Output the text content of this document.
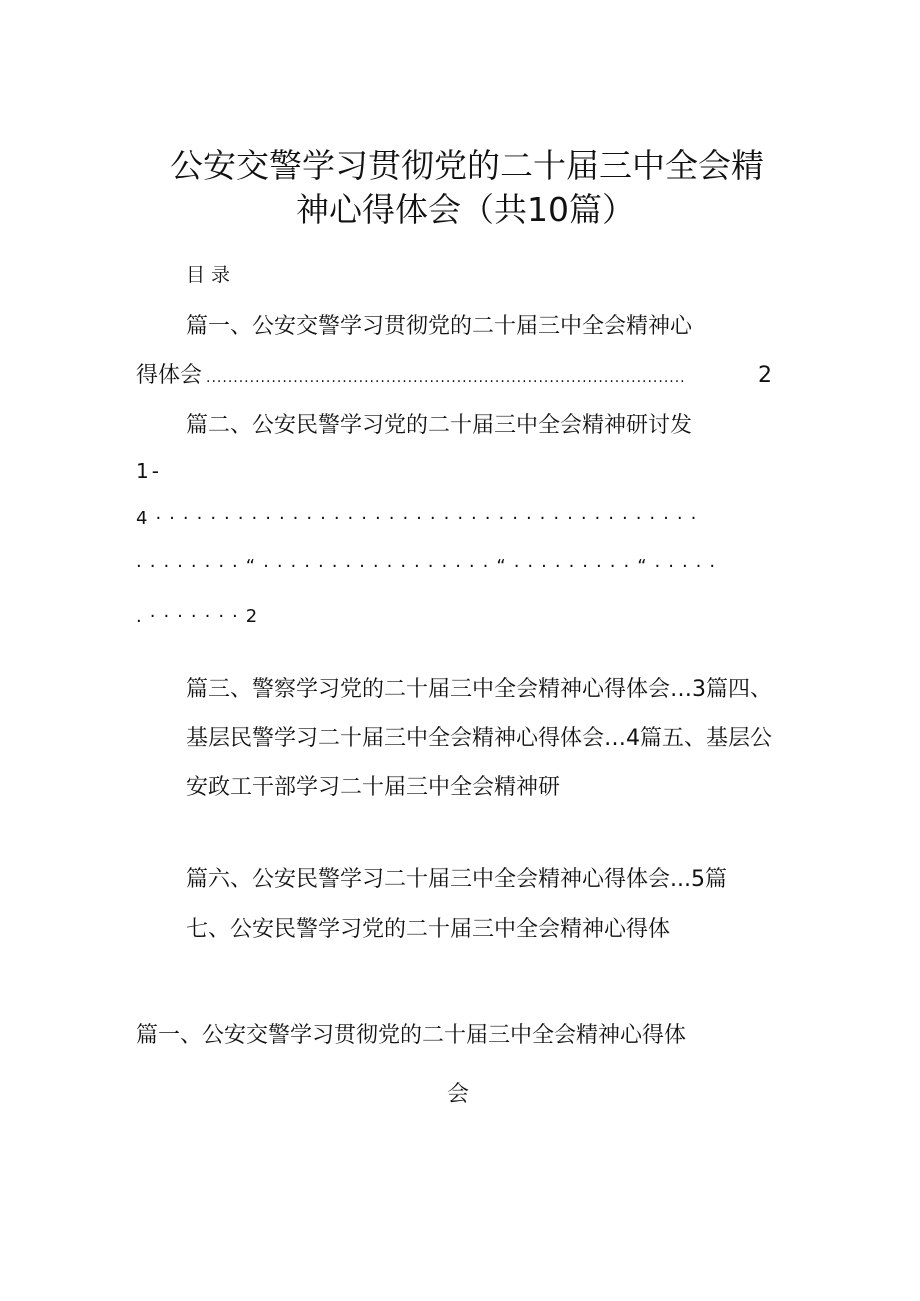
公安交警学习贯彻党的二十届三中全会精
神心得体会（共10篇）
目录
篇一、公安交警学习贯彻党的二十届三中全会精神心
得体会 ........................................................................................	2
篇二、公安民警学习党的二十届三中全会精神研讨发
1-
4········································
········“·················“·········“·····
.·······2
篇三、警察学习党的二十届三中全会精神心得体会…3篇四、
基层民警学习二十届三中全会精神心得体会…4篇五、基层公
安政工干部学习二十届三中全会精神研
篇六、公安民警学习二十届三中全会精神心得体会...5篇
七、公安民警学习党的二十届三中全会精神心得体
篇一、公安交警学习贯彻党的二十届三中全会精神心得体
会
